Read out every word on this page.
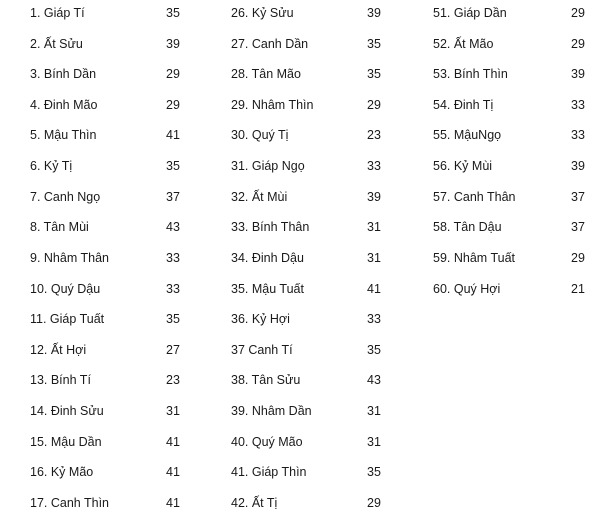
1. Giáp Tí	35
2. Ất Sửu	39
3. Bính Dần	29
4. Đinh Mão	29
5. Mậu Thìn	41
6. Kỷ Tị	35
7. Canh Ngọ	37
8. Tân Mùi	43
9. Nhâm Thân	33
10. Quý Dậu	33
11. Giáp Tuất	35
12. Ất Hợi	27
13. Bính Tí	23
14. Đinh Sửu	31
15. Mậu Dần	41
16. Kỷ Mão	41
17. Canh Thìn	41
26. Kỷ Sửu	39
27. Canh Dần	35
28. Tân Mão	35
29. Nhâm Thìn	29
30. Quý Tị	23
31. Giáp Ngọ	33
32. Ất Mùi	39
33. Bính Thân	31
34. Đinh Dậu	31
35. Mậu Tuất	41
36. Kỷ Hợi	33
37 Canh Tí	35
38. Tân Sửu	43
39. Nhâm Dần	31
40. Quý Mão	31
41. Giáp Thìn	35
42. Ất Tị	29
51. Giáp Dần	29
52. Ất Mão	29
53. Bính Thìn	39
54. Đinh Tị	33
55. MậuNgọ	33
56. Kỷ Mùi	39
57. Canh Thân	37
58. Tân Dậu	37
59. Nhâm Tuất	29
60. Quý Hợi	21
